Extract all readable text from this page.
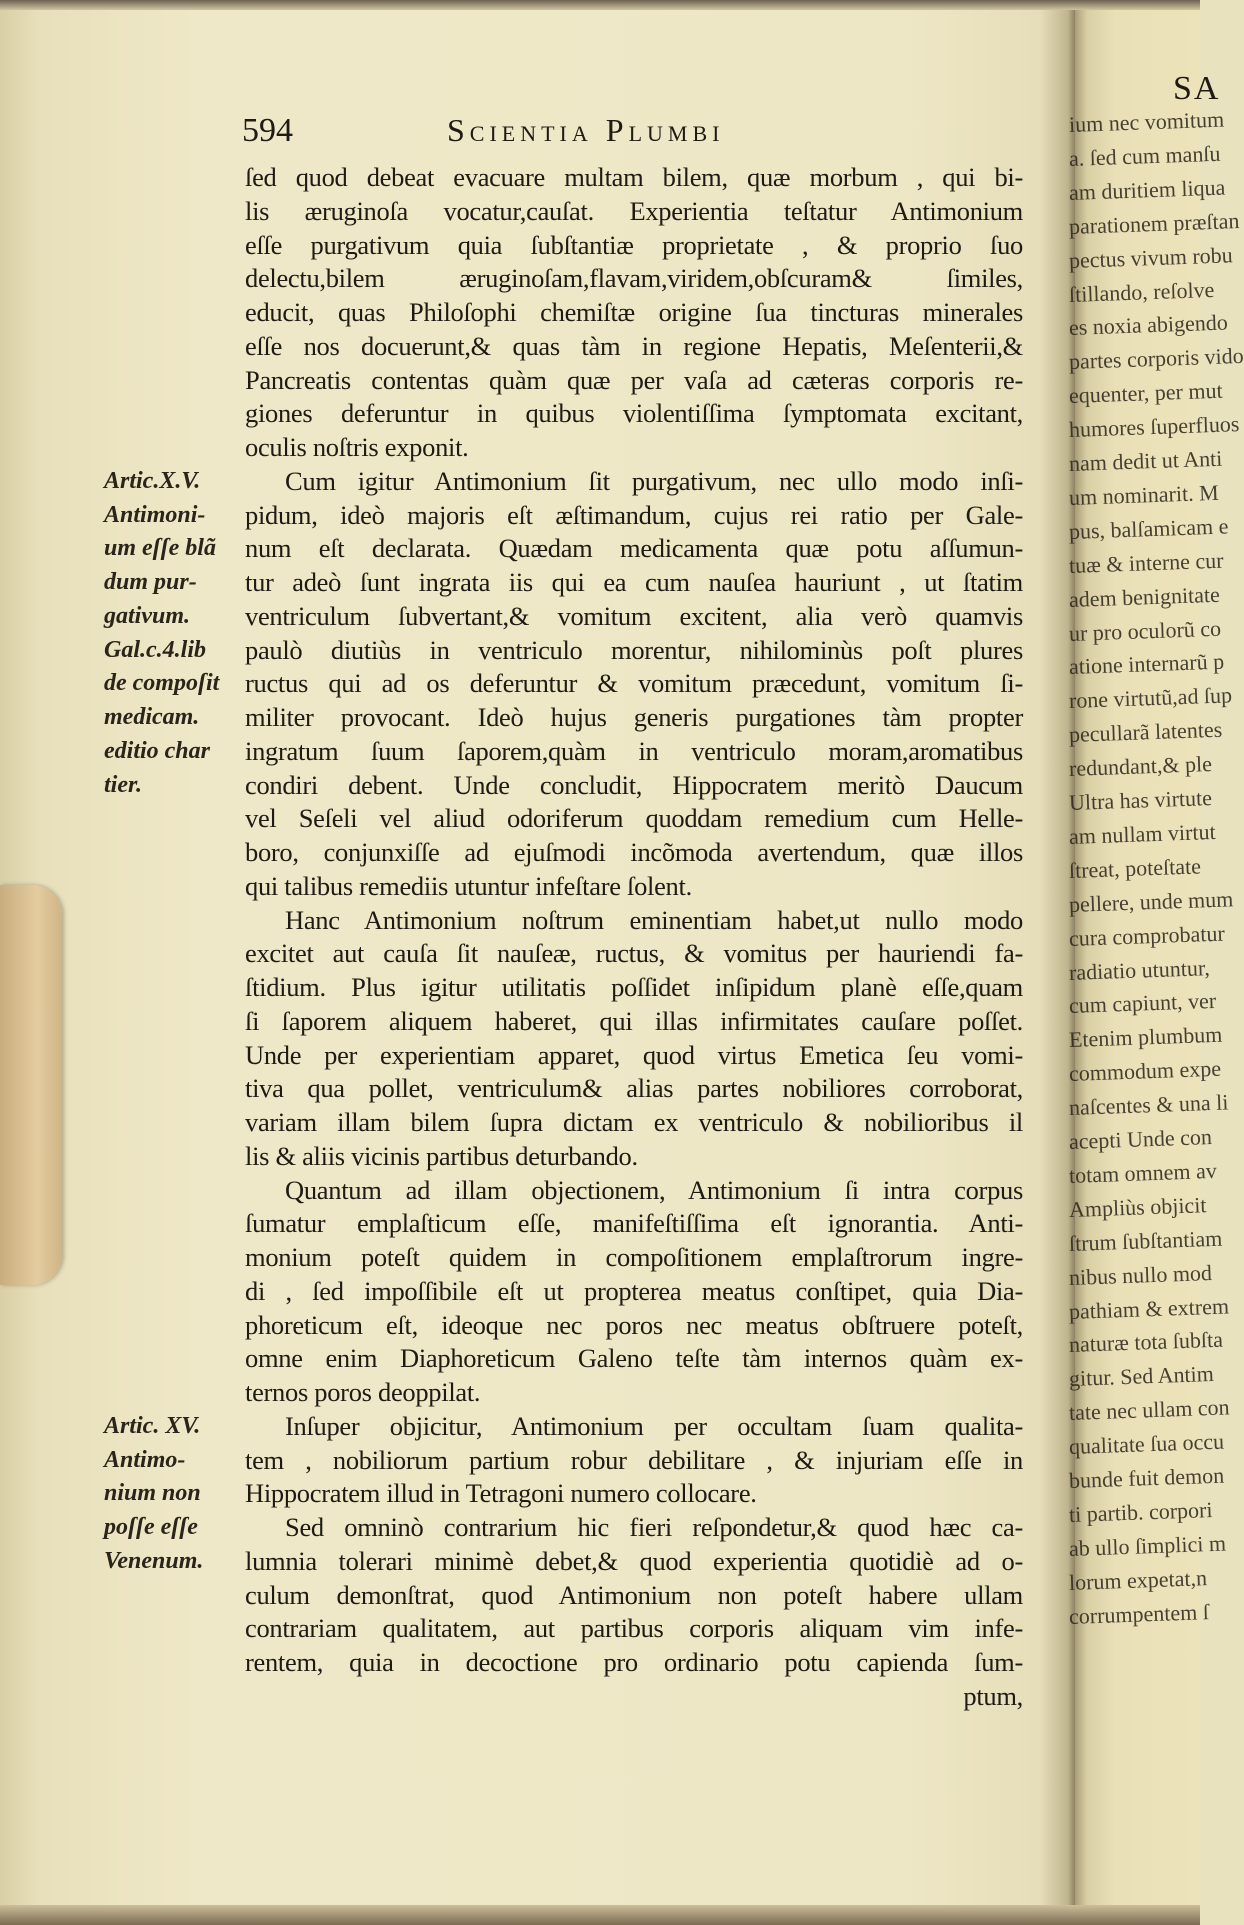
SA
ium nec vomitum
a. ſed cum manſu
am duritiem liqua
parationem præſtan
pectus vivum robu
ſtillando, reſolve
es noxia abigendo
partes corporis vido
equenter, per mut
humores ſuperfluos
nam dedit ut Anti
um nominarit. M
pus, balſamicam e
tuæ & interne cur
adem benignitate
ur pro oculorũ co
atione internarũ p
rone virtutũ,ad ſup
pecullarã latentes
redundant,& ple
Ultra has virtute
am nullam virtut
ſtreat, poteſtate
pellere, unde mum
cura comprobatur
radiatio utuntur,
cum capiunt, ver
Etenim plumbum
commodum expe
naſcentes & una li
acepti Unde con
totam omnem av
Ampliùs objicit
ſtrum ſubſtantiam
nibus nullo mod
pathiam & extrem
naturæ tota ſubſta
gitur. Sed Antim
tate nec ullam con
qualitate ſua occu
bunde fuit demon
ti partib. corpori
ab ullo ſimplici m
lorum expetat,n
corrumpentem ſ
594	Scientia Plumbi
ſed quod debeat evacuare multam bilem, quæ morbum , qui bi-
lis æruginoſa vocatur,cauſat. Experientia teſtatur Antimonium
eſſe purgativum quia ſubſtantiæ proprietate , & proprio ſuo
delectu,bilem æruginoſam,flavam,viridem,obſcuram& ſimiles,
educit, quas Philoſophi chemiſtæ origine ſua tincturas minerales
eſſe nos docuerunt,& quas tàm in regione Hepatis, Meſenterii,&
Pancreatis contentas quàm quæ per vaſa ad cæteras corporis re-
giones deferuntur in quibus violentiſſima ſymptomata excitant,
oculis noſtris exponit.
Cum igitur Antimonium ſit purgativum, nec ullo modo inſi-
pidum, ideò majoris eſt æſtimandum, cujus rei ratio per Gale-
num eſt declarata. Quædam medicamenta quæ potu aſſumun-
tur adeò ſunt ingrata iis qui ea cum nauſea hauriunt , ut ſtatim
ventriculum ſubvertant,& vomitum excitent, alia verò quamvis
paulò diutiùs in ventriculo morentur, nihilominùs poſt plures
ructus qui ad os deferuntur & vomitum præcedunt, vomitum ſi-
militer provocant. Ideò hujus generis purgationes tàm propter
ingratum ſuum ſaporem,quàm in ventriculo moram,aromatibus
condiri debent. Unde concludit, Hippocratem meritò Daucum
vel Seſeli vel aliud odoriferum quoddam remedium cum Helle-
boro, conjunxiſſe ad ejuſmodi incõmoda avertendum, quæ illos
qui talibus remediis utuntur infeſtare ſolent.
Hanc Antimonium noſtrum eminentiam habet,ut nullo modo
excitet aut cauſa ſit nauſeæ, ructus, & vomitus per hauriendi fa-
ſtidium. Plus igitur utilitatis poſſidet inſipidum planè eſſe,quam
ſi ſaporem aliquem haberet, qui illas infirmitates cauſare poſſet.
Unde per experientiam apparet, quod virtus Emetica ſeu vomi-
tiva qua pollet, ventriculum& alias partes nobiliores corroborat,
variam illam bilem ſupra dictam ex ventriculo & nobilioribus il
lis & aliis vicinis partibus deturbando.
Quantum ad illam objectionem, Antimonium ſi intra corpus
ſumatur emplaſticum eſſe, manifeſtiſſima eſt ignorantia. Anti-
monium poteſt quidem in compoſitionem emplaſtrorum ingre-
di , ſed impoſſibile eſt ut propterea meatus conſtipet, quia Dia-
phoreticum eſt, ideoque nec poros nec meatus obſtruere poteſt,
omne enim Diaphoreticum Galeno teſte tàm internos quàm ex-
ternos poros deoppilat.
Inſuper objicitur, Antimonium per occultam ſuam qualita-
tem , nobiliorum partium robur debilitare , & injuriam eſſe in
Hippocratem illud in Tetragoni numero collocare.
Sed omninò contrarium hic fieri reſpondetur,& quod hæc ca-
lumnia tolerari minimè debet,& quod experientia quotidiè ad o-
culum demonſtrat, quod Antimonium non poteſt habere ullam
contrariam qualitatem, aut partibus corporis aliquam vim infe-
rentem, quia in decoctione pro ordinario potu capienda ſum-
ptum,
Artic.X.V.
Antimoni-
um eſſe blã
dum pur-
gativum.
Gal.c.4.lib
de compoſit
medicam.
editio char
tier.
Artic. XV.
Antimo-
nium non
poſſe eſſe
Venenum.
